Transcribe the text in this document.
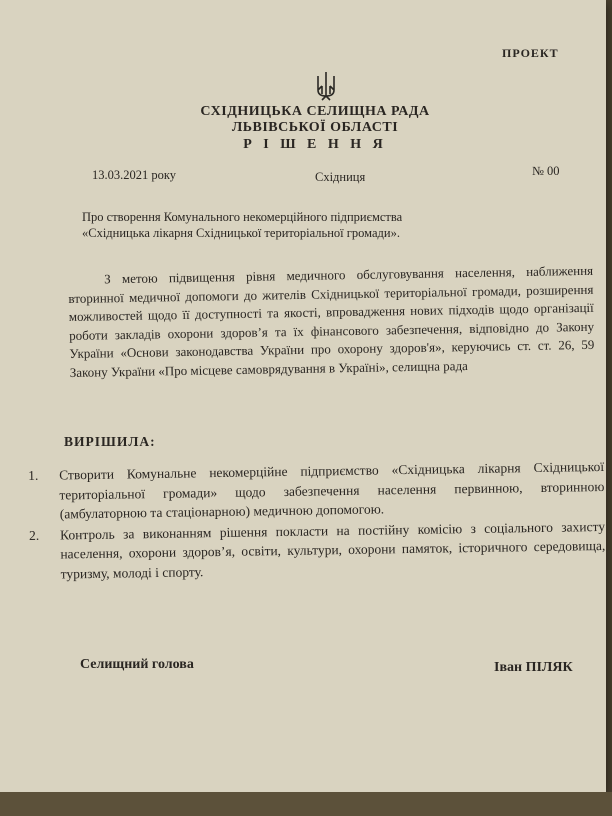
ПРОЕКТ
СХІДНИЦЬКА СЕЛИЩНА РАДА
ЛЬВІВСЬКОЇ ОБЛАСТІ
Р І Ш Е Н Н Я
13.03.2021 року	Східниця	№ 00
Про створення Комунального некомерційного підприємства «Східницька лікарня Східницької територіальної громади».
З метою підвищення рівня медичного обслуговування населення, наближення вторинної медичної допомоги до жителів Східницької територіальної громади, розширення можливостей щодо її доступності та якості, впровадження нових підходів щодо організації роботи закладів охорони здоров’я та їх фінансового забезпечення, відповідно до Закону України «Основи законодавства України про охорону здоров'я», керуючись ст. ст. 26, 59 Закону України «Про місцеве самоврядування в Україні», селищна рада
ВИРІШИЛА:
1.	Створити Комунальне некомерційне підприємство «Східницька лікарня Східницької територіальної громади» щодо забезпечення населення первинною, вторинною (амбулаторною та стаціонарною) медичною допомогою.
2.	Контроль за виконанням рішення покласти на постійну комісію з соціального захисту населення, охорони здоров’я, освіти, культури, охорони памяток, історичного середовища, туризму, молоді і спорту.
Селищний голова	Іван ПІЛЯК
